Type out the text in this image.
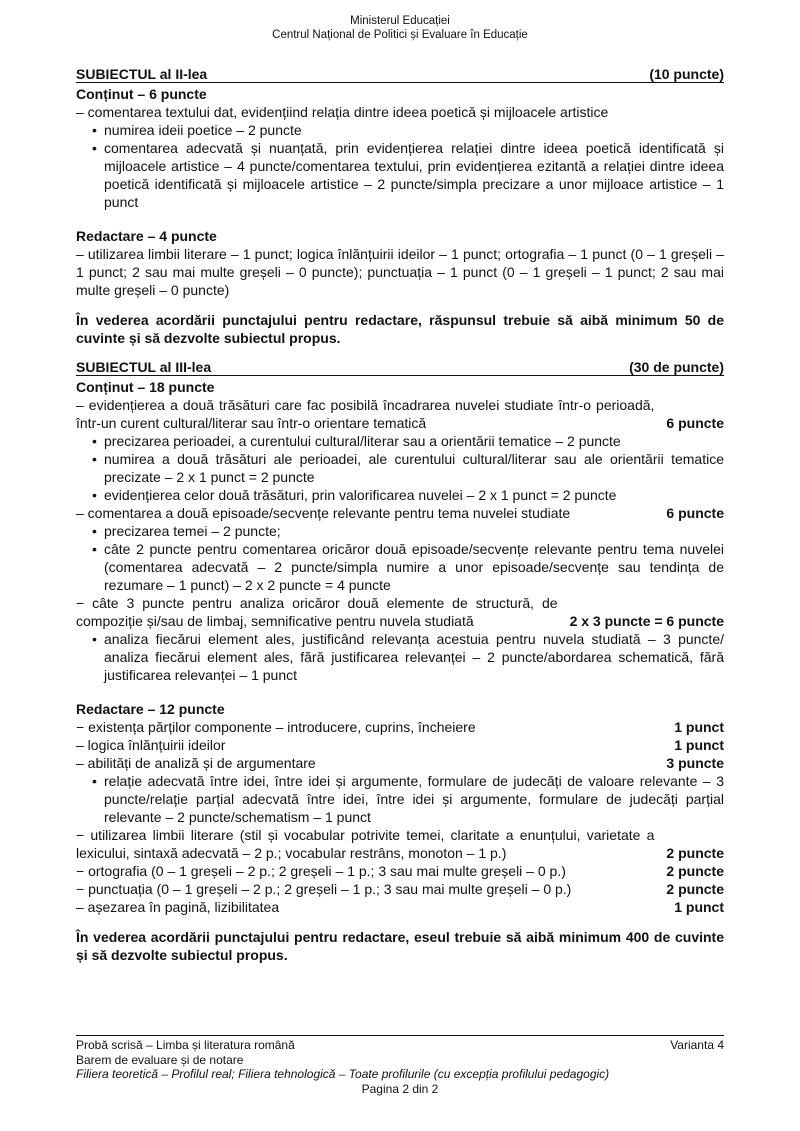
Ministerul Educației
Centrul Național de Politici și Evaluare în Educație
SUBIECTUL al II-lea	(10 puncte)
Conținut – 6 puncte

– comentarea textului dat, evidențiind relația dintre ideea poetică și mijloacele artistice

• numirea ideii poetice – 2 puncte
• comentarea adecvată și nuanțată, prin evidențierea relației dintre ideea poetică identificată și mijloacele artistice – 4 puncte/comentarea textului, prin evidențierea ezitantă a relației dintre ideea poetică identificată și mijloacele artistice – 2 puncte/simpla precizare a unor mijloace artistice – 1 punct
Redactare – 4 puncte

– utilizarea limbii literare – 1 punct; logica înlănțuirii ideilor – 1 punct; ortografia – 1 punct (0 – 1 greșeli – 1 punct; 2 sau mai multe greșeli – 0 puncte); punctuația – 1 punct (0 – 1 greșeli – 1 punct; 2 sau mai multe greșeli – 0 puncte)

În vederea acordării punctajului pentru redactare, răspunsul trebuie să aibă minimum 50 de cuvinte și să dezvolte subiectul propus.

SUBIECTUL al III-lea	(30 de puncte)
Conținut – 18 puncte
– evidențierea a două trăsături care fac posibilă încadrarea nuvelei studiate într-o perioadă, într-un curent cultural/literar sau într-o orientare tematică	6 puncte
• precizarea perioadei, a curentului cultural/literar sau a orientării tematice – 2 puncte
• numirea a două trăsături ale perioadei, ale curentului cultural/literar sau ale orientării tematice precizate – 2 x 1 punct = 2 puncte
• evidențierea celor două trăsături, prin valorificarea nuvelei – 2 x 1 punct = 2 puncte
– comentarea a două episoade/secvențe relevante pentru tema nuvelei studiate	6 puncte
• precizarea temei – 2 puncte;
• câte 2 puncte pentru comentarea oricăror două episoade/secvențe relevante pentru tema nuvelei (comentarea adecvată – 2 puncte/simpla numire a unor episoade/secvențe sau tendința de rezumare – 1 punct) – 2 x 2 puncte = 4 puncte
− câte 3 puncte pentru analiza oricăror două elemente de structură, de compoziție și/sau de limbaj, semnificative pentru nuvela studiată	2 x 3 puncte = 6 puncte
• analiza fiecărui element ales, justificând relevanța acestuia pentru nuvela studiată – 3 puncte/ analiza fiecărui element ales, fără justificarea relevanței – 2 puncte/abordarea schematică, fără justificarea relevanței – 1 punct
Redactare – 12 puncte
− existența părților componente – introducere, cuprins, încheiere	1 punct
– logica înlănțuirii ideilor	1 punct
– abilități de analiză și de argumentare	3 puncte
• relație adecvată între idei, între idei și argumente, formulare de judecăți de valoare relevante – 3 puncte/relație parțial adecvată între idei, între idei și argumente, formulare de judecăți parțial relevante – 2 puncte/schematism – 1 punct
− utilizarea limbii literare (stil și vocabular potrivite temei, claritate a enunțului, varietate a lexicului, sintaxă adecvată – 2 p.; vocabular restrâns, monoton – 1 p.)	2 puncte
− ortografia (0 – 1 greșeli – 2 p.; 2 greșeli – 1 p.; 3 sau mai multe greșeli – 0 p.)	2 puncte
− punctuația (0 – 1 greșeli – 2 p.; 2 greșeli – 1 p.; 3 sau mai multe greșeli – 0 p.)	2 puncte
– așezarea în pagină, lizibilitatea	1 punct

În vederea acordării punctajului pentru redactare, eseul trebuie să aibă minimum 400 de cuvinte și să dezvolte subiectul propus.

Probă scrisă – Limba și literatura română	Varianta 4
Barem de evaluare și de notare
Filiera teoretică – Profilul real; Filiera tehnologică – Toate profilurile (cu excepția profilului pedagogic)
Pagina 2 din 2
